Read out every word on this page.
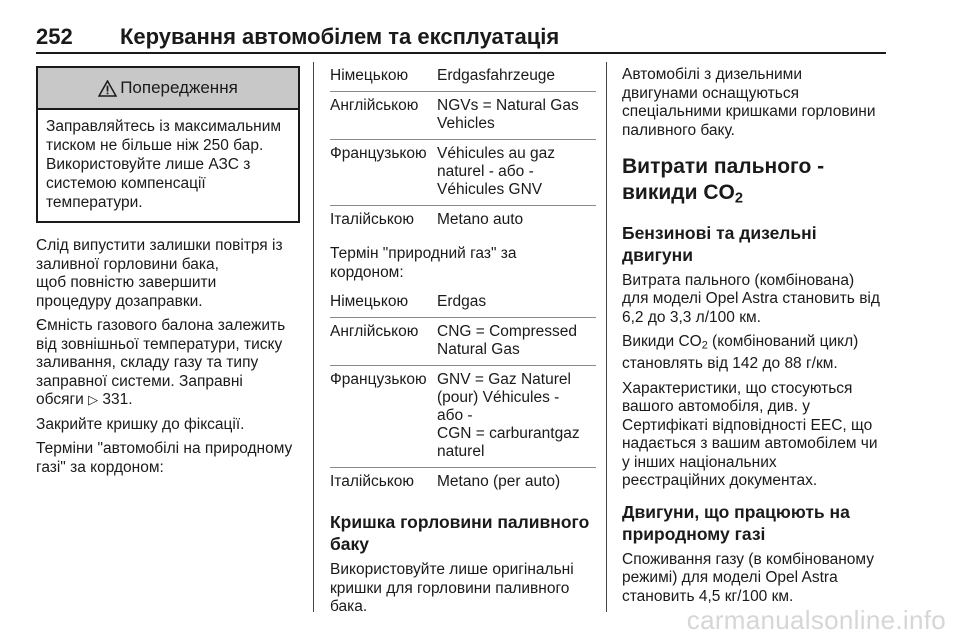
252 Керування автомобілем та експлуатація
Попередження
Заправляйтесь із максимальним
тиском не більше ніж 250 бар.
Використовуйте лише АЗС з
системою компенсації
температури.

Слід випустити залишки повітря із
заливної горловини бака,
щоб повністю завершити
процедуру дозаправки.

Ємність газового балона залежить
від зовнішньої температури, тиску
заливання, складу газу та типу
заправної системи. Заправні
обсяги ▷ 331.

Закрийте кришку до фіксації.

Терміни "автомобілі на природному
газі" за кордоном:

Німецькою	Erdgasfahrzeuge
Англійською	NGVs = Natural Gas
Vehicles
Французькою Véhicules au gaz
naturel - або -
Véhicules GNV
Італійською	Metano auto

Термін "природний газ" за
кордоном:

Німецькою	Erdgas
Англійською	CNG = Compressed
Natural Gas
Французькою GNV = Gaz Naturel
(pour) Véhicules -
або -
CGN = carburantgaz
naturel
Італійською	Metano (per auto)
Кришка горловини паливного
баку

Використовуйте лише оригінальні
кришки для горловини паливного
бака.

Автомобілі з дизельними
двигунами оснащуються
спеціальними кришками горловини
паливного баку.

Витрати пального -
викиди $CO_2$
Бензинові та дизельні двигуни

Витрата пального (комбінована)
для моделі Opel Astra становить від
6,2 до 3,3 л/100 км.

Викиди $CO_2$ (комбінований цикл)
становлять від 142 до 88 г/км.

Характеристики, що стосуються
вашого автомобіля, див. у
Сертифікаті відповідності ЕЕС, що
надається з вашим автомобілем чи
у інших національних
реєстраційних документах.

Двигуни, що працюють на
природному газі

Споживання газу (в комбінованому
режимі) для моделі Opel Astra
становить 4,5 кг/100 км.

carmanualsonline.info
